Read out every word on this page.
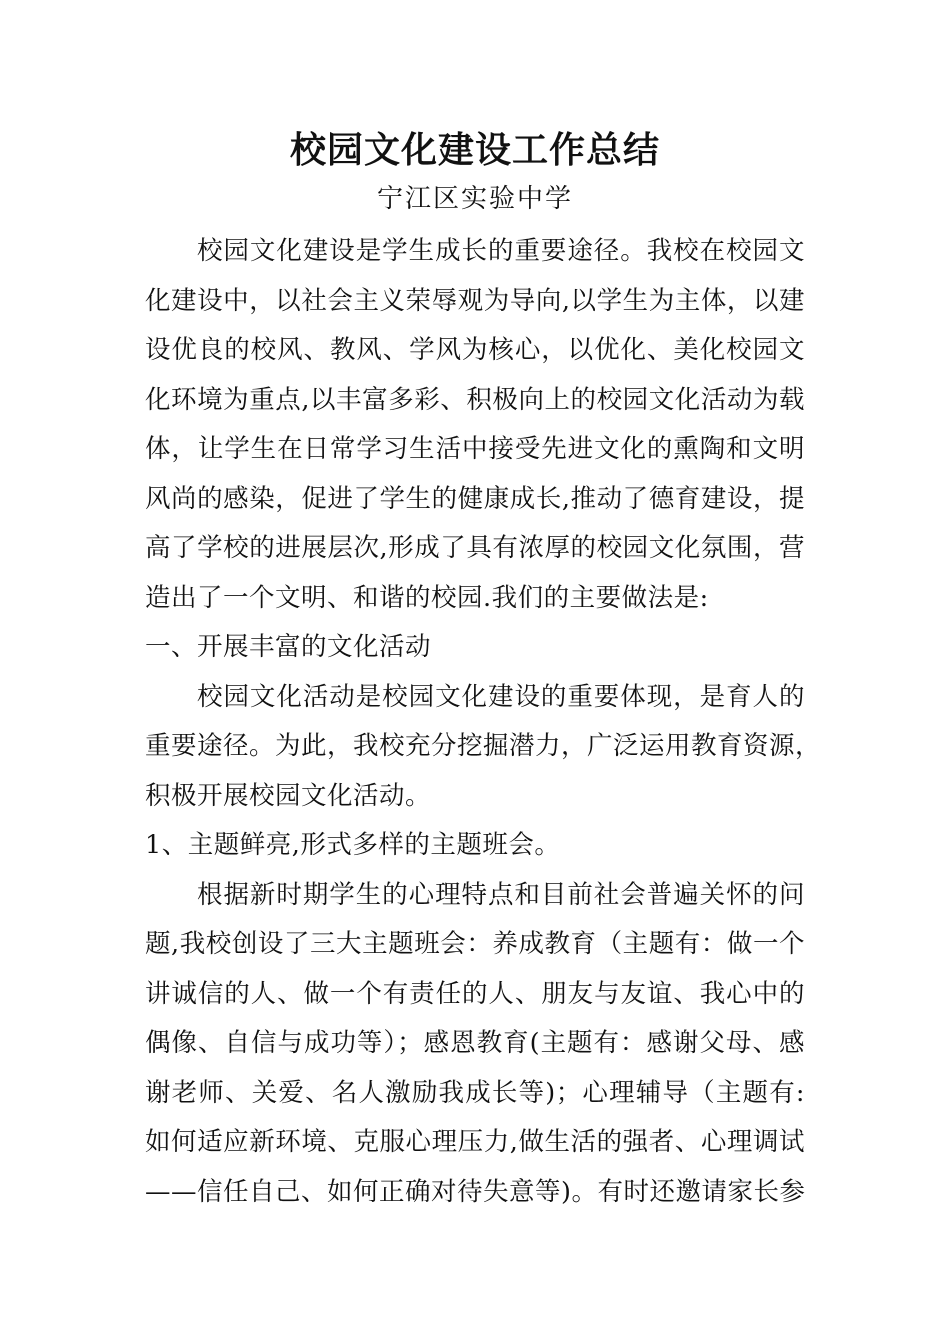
校园文化建设工作总结
宁江区实验中学
校园文化建设是学生成长的重要途径。我校在校园文
化建设中，以社会主义荣辱观为导向,以学生为主体，以建
设优良的校风、教风、学风为核心，以优化、美化校园文
化环境为重点,以丰富多彩、积极向上的校园文化活动为载
体，让学生在日常学习生活中接受先进文化的熏陶和文明
风尚的感染，促进了学生的健康成长,推动了德育建设，提
高了学校的进展层次,形成了具有浓厚的校园文化氛围，营
造出了一个文明、和谐的校园.我们的主要做法是:
一、开展丰富的文化活动
校园文化活动是校园文化建设的重要体现，是育人的
重要途径。为此，我校充分挖掘潜力，广泛运用教育资源，
积极开展校园文化活动。
1、主题鲜亮,形式多样的主题班会。
根据新时期学生的心理特点和目前社会普遍关怀的问
题,我校创设了三大主题班会：养成教育（主题有：做一个
讲诚信的人、做一个有责任的人、朋友与友谊、我心中的
偶像、自信与成功等）；感恩教育(主题有：感谢父母、感
谢老师、关爱、名人激励我成长等)；心理辅导（主题有:
如何适应新环境、克服心理压力,做生活的强者、心理调试
——信任自己、如何正确对待失意等)。有时还邀请家长参
